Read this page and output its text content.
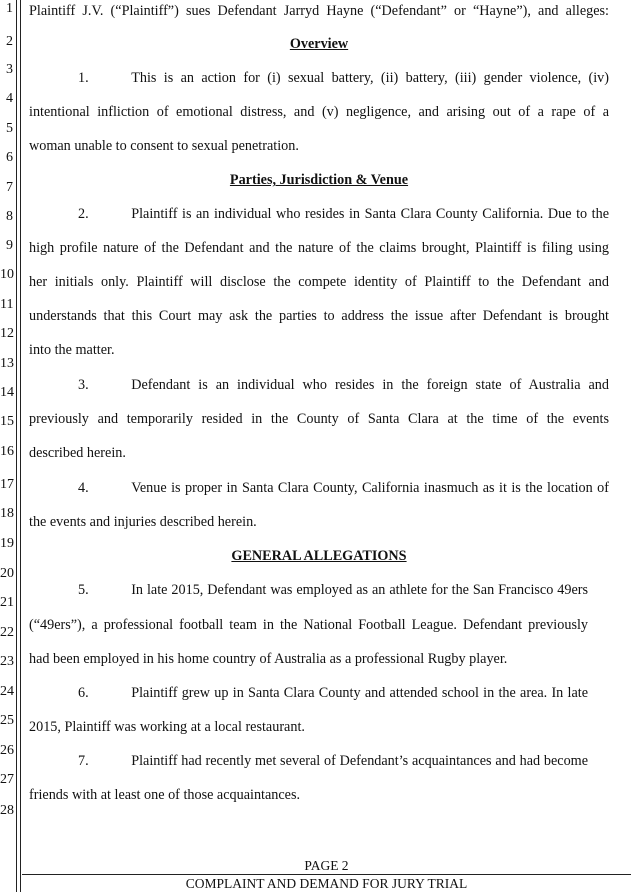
1
2
3
4
5
6
7
8
9
10
11
12
13
14
15
16
17
18
19
20
21
22
23
24
25
26
27
28
Plaintiff J.V. (“Plaintiff”) sues Defendant Jarryd Hayne (“Defendant” or “Hayne”), and alleges:
Overview
1.   This is an action for (i) sexual battery, (ii) battery, (iii) gender violence, (iv)
intentional infliction of emotional distress, and (v) negligence, and arising out of a rape of a
woman unable to consent to sexual penetration.
Parties, Jurisdiction & Venue
2.   Plaintiff is an individual who resides in Santa Clara County California. Due to the
high profile nature of the Defendant and the nature of the claims brought, Plaintiff is filing using
her initials only. Plaintiff will disclose the compete identity of Plaintiff to the Defendant and
understands that this Court may ask the parties to address the issue after Defendant is brought
into the matter.
3.   Defendant is an individual who resides in the foreign state of Australia and
previously and temporarily resided in the County of Santa Clara at the time of the events
described herein.
4.   Venue is proper in Santa Clara County, California inasmuch as it is the location of
the events and injuries described herein.
GENERAL ALLEGATIONS
5.   In late 2015, Defendant was employed as an athlete for the San Francisco 49ers
(“49ers”), a professional football team in the National Football League. Defendant previously
had been employed in his home country of Australia as a professional Rugby player.
6.   Plaintiff grew up in Santa Clara County and attended school in the area. In late
2015, Plaintiff was working at a local restaurant.
7.   Plaintiff had recently met several of Defendant’s acquaintances and had become
friends with at least one of those acquaintances.
PAGE 2
COMPLAINT AND DEMAND FOR JURY TRIAL
